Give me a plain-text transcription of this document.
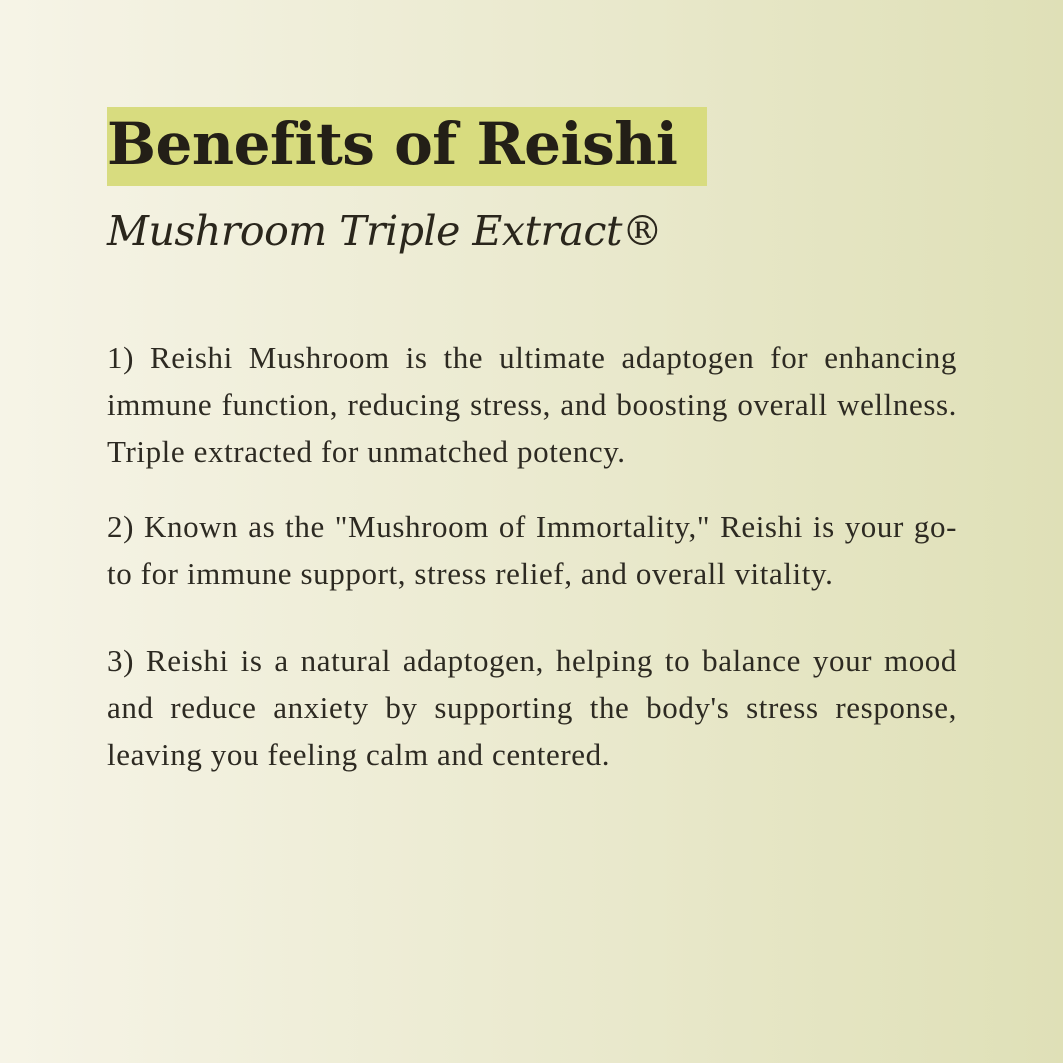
Benefits of Reishi

Mushroom Triple Extract®

1) Reishi Mushroom is the ultimate adaptogen for enhancing immune function, reducing stress, and boosting overall wellness. Triple extracted for unmatched potency.

2) Known as the "Mushroom of Immortality," Reishi is your go-to for immune support, stress relief, and overall vitality.

3) Reishi is a natural adaptogen, helping to balance your mood and reduce anxiety by supporting the body's stress response, leaving you feeling calm and centered.
